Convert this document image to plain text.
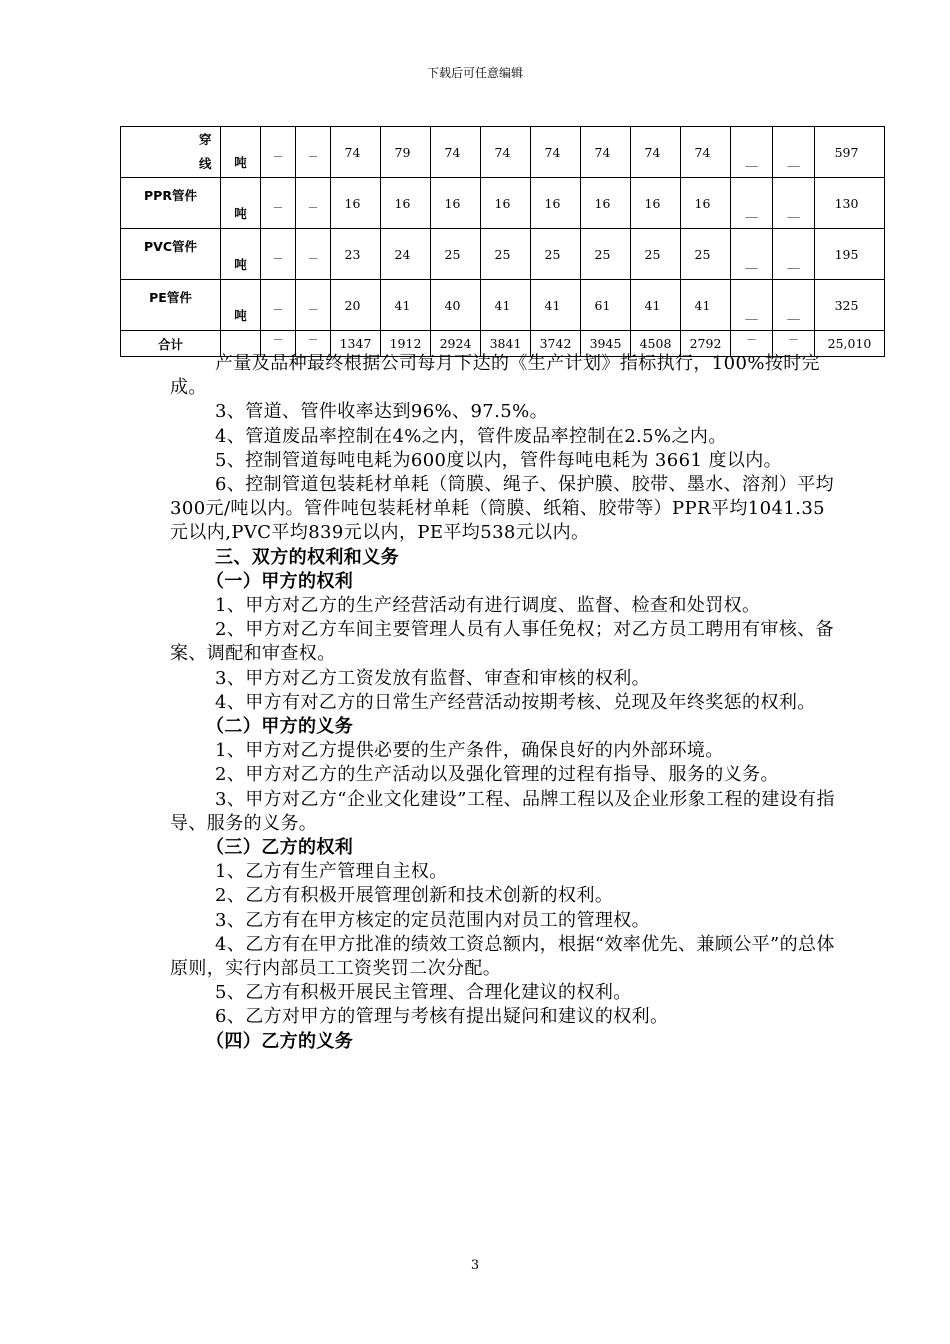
下载后可任意编辑

	穿
线	吨	－	－	74	79	74	74	74	74	74	74	＿	＿	597

PPR管件		吨	－	－	16	16	16	16	16	16	16	16	＿	＿	130

PVC管件		吨	－	－	23	24	25	25	25	25	25	25	＿	＿	195

PE管件		吨	－	－	20	41	40	41	41	61	41	41	＿	＿	325

合计			－	－	1347	1912	2924	3841	3742	3945	4508	2792	－	－	25,010

产量及品种最终根据公司每月下达的《生产计划》指标执行，100%按时完成。

3、管道、管件收率达到96%、97.5%。

4、管道废品率控制在4%之内，管件废品率控制在2.5%之内。

5、控制管道每吨电耗为600度以内，管件每吨电耗为 3661 度以内。

6、控制管道包装耗材单耗（筒膜、绳子、保护膜、胶带、墨水、溶剂）平均300元/吨以内。管件吨包装耗材单耗（筒膜、纸箱、胶带等）PPR平均1041.35元以内,PVC平均839元以内，PE平均538元以内。

三、双方的权利和义务

（一）甲方的权利

1、甲方对乙方的生产经营活动有进行调度、监督、检查和处罚权。

2、甲方对乙方车间主要管理人员有人事任免权；对乙方员工聘用有审核、备案、调配和审查权。

3、甲方对乙方工资发放有监督、审查和审核的权利。

4、甲方有对乙方的日常生产经营活动按期考核、兑现及年终奖惩的权利。

（二）甲方的义务

1、甲方对乙方提供必要的生产条件，确保良好的内外部环境。

2、甲方对乙方的生产活动以及强化管理的过程有指导、服务的义务。

3、甲方对乙方“企业文化建设”工程、品牌工程以及企业形象工程的建设有指导、服务的义务。

（三）乙方的权利

1、乙方有生产管理自主权。

2、乙方有积极开展管理创新和技术创新的权利。

3、乙方有在甲方核定的定员范围内对员工的管理权。

4、乙方有在甲方批准的绩效工资总额内，根据“效率优先、兼顾公平”的总体原则，实行内部员工工资奖罚二次分配。

5、乙方有积极开展民主管理、合理化建议的权利。

6、乙方对甲方的管理与考核有提出疑问和建议的权利。

（四）乙方的义务

3
